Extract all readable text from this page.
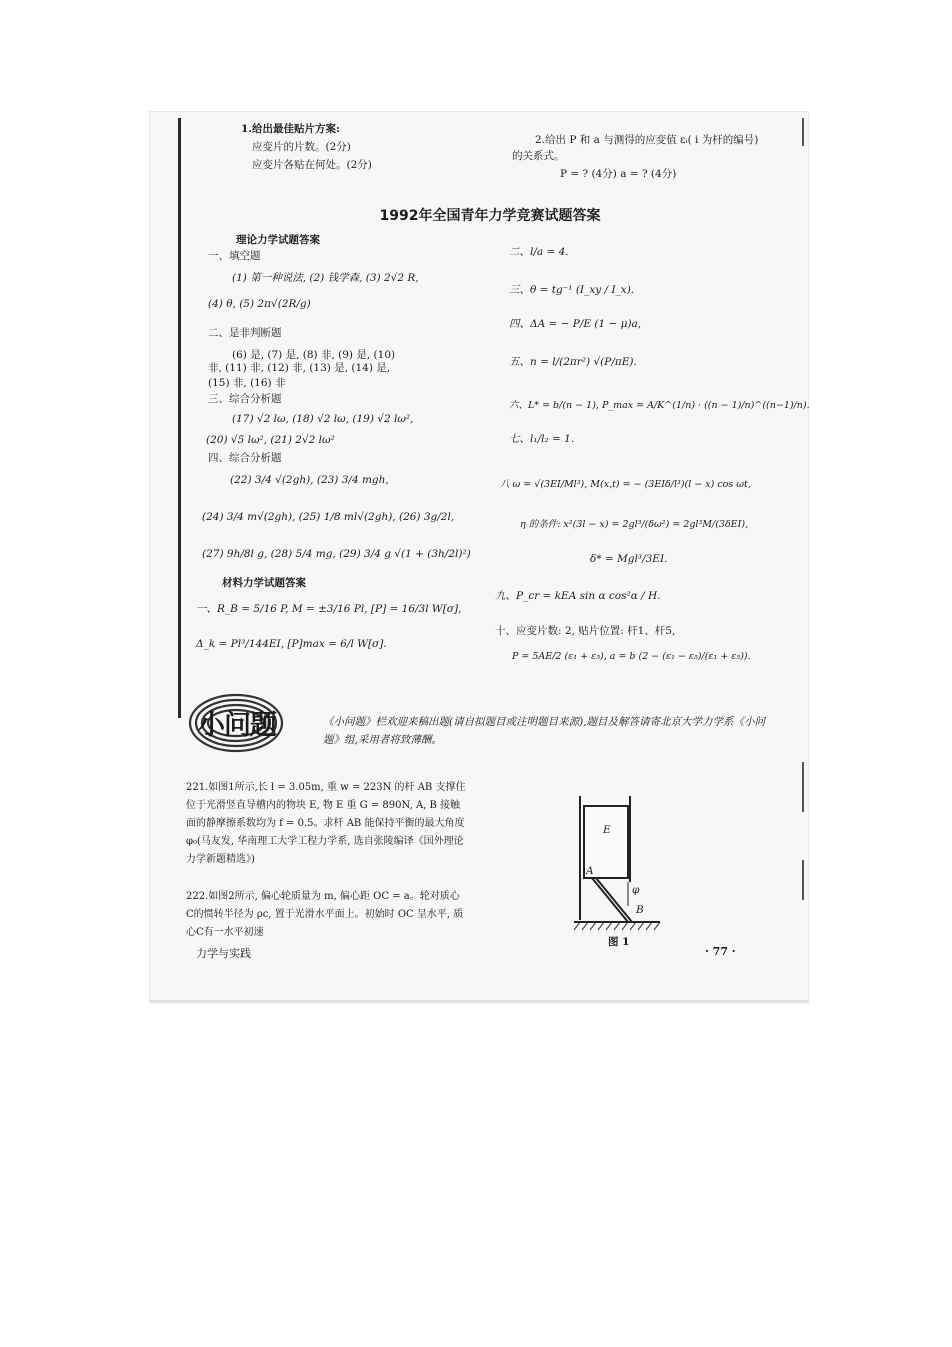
1.给出最佳贴片方案:
应变片的片数。(2分)
应变片各贴在何处。(2分)
2.给出 P 和 a 与测得的应变值 εᵢ( i 为杆的编号)
的关系式。
P = ? (4分) a = ? (4分)
1992年全国青年力学竞赛试题答案
理论力学试题答案
一、填空题
(1) 第一种说法, (2) 钱学森, (3) 2√2 R,
(4) θ, (5) 2π√(2R/g)
二、是非判断题
(6) 是, (7) 是, (8) 非, (9) 是, (10)
非, (11) 非, (12) 非, (13) 是, (14) 是,
(15) 非, (16) 非
三、综合分析题
(17) √2 lω, (18) √2 lω, (19) √2 lω²,
(20) √5 lω², (21) 2√2 lω²
四、综合分析题
(22) 3/4 √(2gh), (23) 3/4 mgh,
(24) 3/4 m√(2gh), (25) 1/8 ml√(2gh), (26) 3g/2l,
(27) 9h/8l g, (28) 5/4 mg, (29) 3/4 g √(1 + (3h/2l)²)
材料力学试题答案
一、R_B = 5/16 P, M = ±3/16 Pl, [P] = 16/3l W[σ],
Δ_k = Pl³/144EI, [P]max = 6/l W[σ].
二、l/a = 4.
三、θ = tg⁻¹ (I_xy / I_x).
四、ΔA = − P/E (1 − μ)a,
五、n = l/(2πr²) √(P/πE).
六、L* = b/(n − 1), P_max = A/K^(1/n) · ((n − 1)/n)^((n−1)/n).
七、l₁/l₂ = 1.
八 ω = √(3EI/Ml³), M(x,t) = − (3EIδ/l³)(l − x) cos ωt,
η 的条件: x²(3l − x) = 2gl³/(δω²) = 2gl³M/(3δEI),
δ* = Mgl³/3EI.
九、P_cr = kEA sin α cos²α / H.
十、应变片数: 2, 贴片位置: 杆1、杆5,
P = 5AE/2 (ε₁ + ε₅), a = b (2 − (ε₁ − ε₅)/(ε₁ + ε₅)).
小问题	《小问题》栏欢迎来稿出题(请自拟题目或注明题目来源),题目及解答请寄北京大学力学系《小问题》组,采用者将致薄酬。
221.如图1所示,长 l = 3.05m, 重 w = 223N 的杆 AB 支撑住位于光滑竖直导槽内的物块 E, 物 E 重 G = 890N, A, B 接触面的静摩擦系数均为 f = 0.5。求杆 AB 能保持平衡的最大角度 φ₀(马友发, 华南理工大学工程力学系, 选自张陵编译《国外理论力学新题精选》)
222.如图2所示, 偏心轮质量为 m, 偏心距 OC = a。轮对质心C的惯转半径为 ρc, 置于光滑水平面上。初始时 OC 呈水平, 质心C有一水平初速
E
A
B
φ
图 1
力学与实践	· 77 ·
